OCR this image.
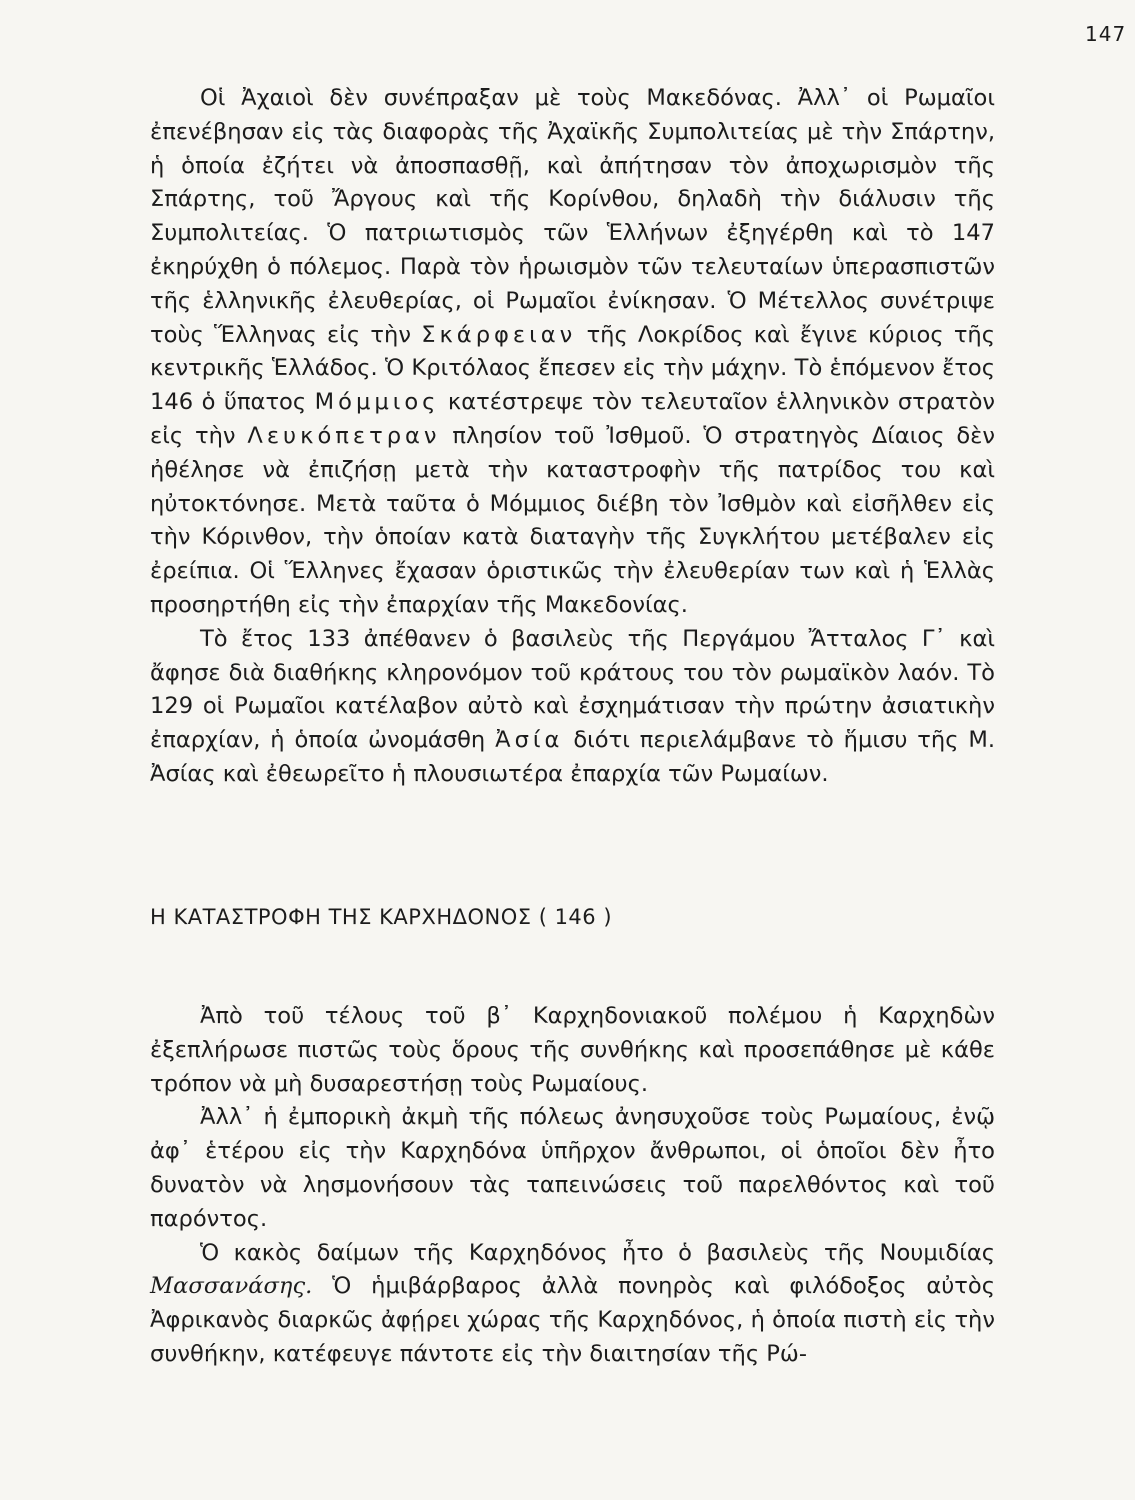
147

Οἱ Ἀχαιοὶ δὲν συνέπραξαν μὲ τοὺς Μακεδόνας. Ἀλλ᾽ οἱ Ρωμαῖοι ἐπενέβησαν εἰς τὰς διαφορὰς τῆς Ἀχαϊκῆς Συμπολιτείας μὲ τὴν Σπάρτην, ἡ ὁποία ἐζήτει νὰ ἀποσπασθῇ, καὶ ἀπήτησαν τὸν ἀποχωρισμὸν τῆς Σπάρτης, τοῦ Ἄργους καὶ τῆς Κορίνθου, δηλαδὴ τὴν διάλυσιν τῆς Συμπολιτείας. Ὁ πατριωτισμὸς τῶν Ἑλλήνων ἐξηγέρθη καὶ τὸ 147 ἐκηρύχθη ὁ πόλεμος. Παρὰ τὸν ἡρωισμὸν τῶν τελευταίων ὑπερασπιστῶν τῆς ἑλληνικῆς ἐλευθερίας, οἱ Ρωμαῖοι ἐνίκησαν. Ὁ Μέτελλος συνέτριψε τοὺς Ἕλληνας εἰς τὴν Σκάρφειαν τῆς Λοκρίδος καὶ ἔγινε κύριος τῆς κεντρικῆς Ἑλλάδος. Ὁ Κριτόλαος ἔπεσεν εἰς τὴν μάχην. Τὸ ἑπόμενον ἔτος 146 ὁ ὕπατος Μόμμιος κατέστρεψε τὸν τελευταῖον ἑλληνικὸν στρατὸν εἰς τὴν Λευκόπετραν πλησίον τοῦ Ἰσθμοῦ. Ὁ στρατηγὸς Δίαιος δὲν ἠθέλησε νὰ ἐπιζήσῃ μετὰ τὴν καταστροφὴν τῆς πατρίδος του καὶ ηὐτοκτόνησε. Μετὰ ταῦτα ὁ Μόμμιος διέβη τὸν Ἰσθμὸν καὶ εἰσῆλθεν εἰς τὴν Κόρινθον, τὴν ὁποίαν κατὰ διαταγὴν τῆς Συγκλήτου μετέβαλεν εἰς ἐρείπια. Οἱ Ἕλληνες ἔχασαν ὁριστικῶς τὴν ἐλευθερίαν των καὶ ἡ Ἑλλὰς προσηρτήθη εἰς τὴν ἐπαρχίαν τῆς Μακεδονίας.

Τὸ ἔτος 133 ἀπέθανεν ὁ βασιλεὺς τῆς Περγάμου Ἄτταλος Γ᾽ καὶ ἄφησε διὰ διαθήκης κληρονόμον τοῦ κράτους του τὸν ρωμαϊκὸν λαόν. Τὸ 129 οἱ Ρωμαῖοι κατέλαβον αὐτὸ καὶ ἐσχημάτισαν τὴν πρώτην ἀσιατικὴν ἐπαρχίαν, ἡ ὁποία ὠνομάσθη Ἀσία διότι περιελάμβανε τὸ ἥμισυ τῆς Μ. Ἀσίας καὶ ἐθεωρεῖτο ἡ πλουσιωτέρα ἐπαρχία τῶν Ρωμαίων.

Η ΚΑΤΑΣΤΡΟΦΗ ΤΗΣ ΚΑΡΧΗΔΟΝΟΣ ( 146 )

Ἀπὸ τοῦ τέλους τοῦ β᾽ Καρχηδονιακοῦ πολέμου ἡ Καρχηδὼν ἐξεπλήρωσε πιστῶς τοὺς ὅρους τῆς συνθήκης καὶ προσεπάθησε μὲ κάθε τρόπον νὰ μὴ δυσαρεστήσῃ τοὺς Ρωμαίους.

Ἀλλ᾽ ἡ ἐμπορικὴ ἀκμὴ τῆς πόλεως ἀνησυχοῦσε τοὺς Ρωμαίους, ἐνῷ ἀφ᾽ ἑτέρου εἰς τὴν Καρχηδόνα ὑπῆρχον ἄνθρωποι, οἱ ὁποῖοι δὲν ἦτο δυνατὸν νὰ λησμονήσουν τὰς ταπεινώσεις τοῦ παρελθόντος καὶ τοῦ παρόντος.

Ὁ κακὸς δαίμων τῆς Καρχηδόνος ἦτο ὁ βασιλεὺς τῆς Νουμιδίας Μασσανάσης. Ὁ ἡμιβάρβαρος ἀλλὰ πονηρὸς καὶ φιλόδοξος αὐτὸς Ἀφρικανὸς διαρκῶς ἀφῄρει χώρας τῆς Καρχηδόνος, ἡ ὁποία πιστὴ εἰς τὴν συνθήκην, κατέφευγε πάντοτε εἰς τὴν διαιτησίαν τῆς Ρώ-
